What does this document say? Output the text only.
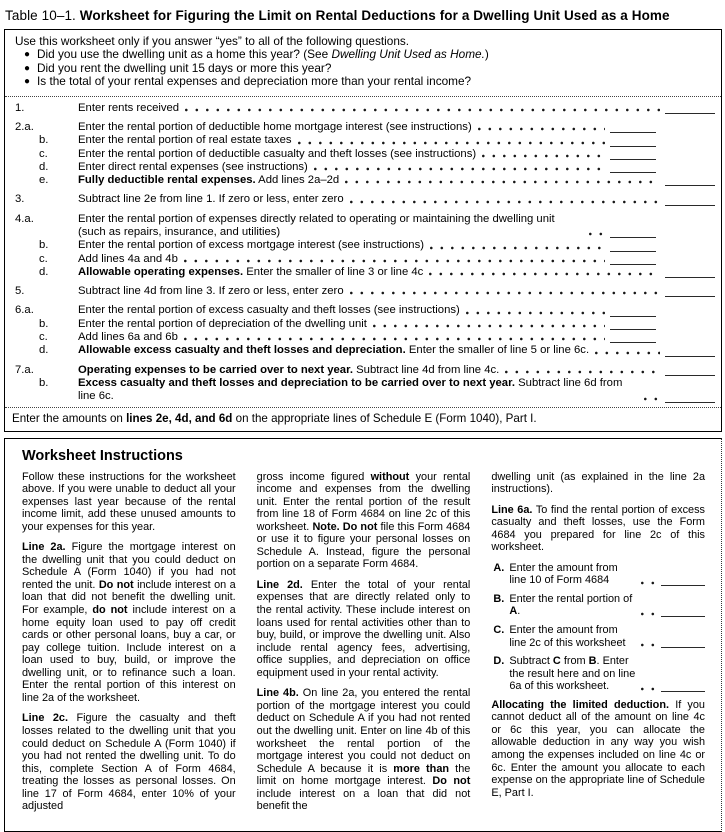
Table 10–1. Worksheet for Figuring the Limit on Rental Deductions for a Dwelling Unit Used as a Home
Use this worksheet only if you answer “yes” to all of the following questions.
● Did you use the dwelling unit as a home this year? (See Dwelling Unit Used as Home.)
● Did you rent the dwelling unit 15 days or more this year?
● Is the total of your rental expenses and depreciation more than your rental income?
1.	Enter rents received
2.a.	Enter the rental portion of deductible home mortgage interest (see instructions)
b.	Enter the rental portion of real estate taxes
c.	Enter the rental portion of deductible casualty and theft losses (see instructions)
d.	Enter direct rental expenses (see instructions)
e.	Fully deductible rental expenses. Add lines 2a–2d
3.	Subtract line 2e from line 1. If zero or less, enter zero
4.a.	Enter the rental portion of expenses directly related to operating or maintaining the dwelling unit (such as repairs, insurance, and utilities)
b.	Enter the rental portion of excess mortgage interest (see instructions)
c.	Add lines 4a and 4b
d.	Allowable operating expenses. Enter the smaller of line 3 or line 4c
5.	Subtract line 4d from line 3. If zero or less, enter zero
6.a.	Enter the rental portion of excess casualty and theft losses (see instructions)
b.	Enter the rental portion of depreciation of the dwelling unit
c.	Add lines 6a and 6b
d.	Allowable excess casualty and theft losses and depreciation. Enter the smaller of line 5 or line 6c.
7.a.	Operating expenses to be carried over to next year. Subtract line 4d from line 4c.
b.	Excess casualty and theft losses and depreciation to be carried over to next year. Subtract line 6d from line 6c.
Enter the amounts on lines 2e, 4d, and 6d on the appropriate lines of Schedule E (Form 1040), Part I.
Worksheet Instructions
Follow these instructions for the worksheet above. If you were unable to deduct all your expenses last year because of the rental income limit, add these unused amounts to your expenses for this year.
Line 2a. Figure the mortgage interest on the dwelling unit that you could deduct on Schedule A (Form 1040) if you had not rented the unit. Do not include interest on a loan that did not benefit the dwelling unit. For example, do not include interest on a home equity loan used to pay off credit cards or other personal loans, buy a car, or pay college tuition. Include interest on a loan used to buy, build, or improve the dwelling unit, or to refinance such a loan. Enter the rental portion of this interest on line 2a of the worksheet.
Line 2c. Figure the casualty and theft losses related to the dwelling unit that you could deduct on Schedule A (Form 1040) if you had not rented the dwelling unit. To do this, complete Section A of Form 4684, treating the losses as personal losses. On line 17 of Form 4684, enter 10% of your adjusted
gross income figured without your rental income and expenses from the dwelling unit. Enter the rental portion of the result from line 18 of Form 4684 on line 2c of this worksheet. Note. Do not file this Form 4684 or use it to figure your personal losses on Schedule A. Instead, figure the personal portion on a separate Form 4684.
Line 2d. Enter the total of your rental expenses that are directly related only to the rental activity. These include interest on loans used for rental activities other than to buy, build, or improve the dwelling unit. Also include rental agency fees, advertising, office supplies, and depreciation on office equipment used in your rental activity.
Line 4b. On line 2a, you entered the rental portion of the mortgage interest you could deduct on Schedule A if you had not rented out the dwelling unit. Enter on line 4b of this worksheet the rental portion of the mortgage interest you could not deduct on Schedule A because it is more than the limit on home mortgage interest. Do not include interest on a loan that did not benefit the
dwelling unit (as explained in the line 2a instructions).
Line 6a. To find the rental portion of excess casualty and theft losses, use the Form 4684 you prepared for line 2c of this worksheet.
A. Enter the amount from line 10 of Form 4684
B. Enter the rental portion of A.
C. Enter the amount from line 2c of this worksheet
D. Subtract C from B. Enter the result here and on line 6a of this worksheet.
Allocating the limited deduction. If you cannot deduct all of the amount on line 4c or 6c this year, you can allocate the allowable deduction in any way you wish among the expenses included on line 4c or 6c. Enter the amount you allocate to each expense on the appropriate line of Schedule E, Part I.
